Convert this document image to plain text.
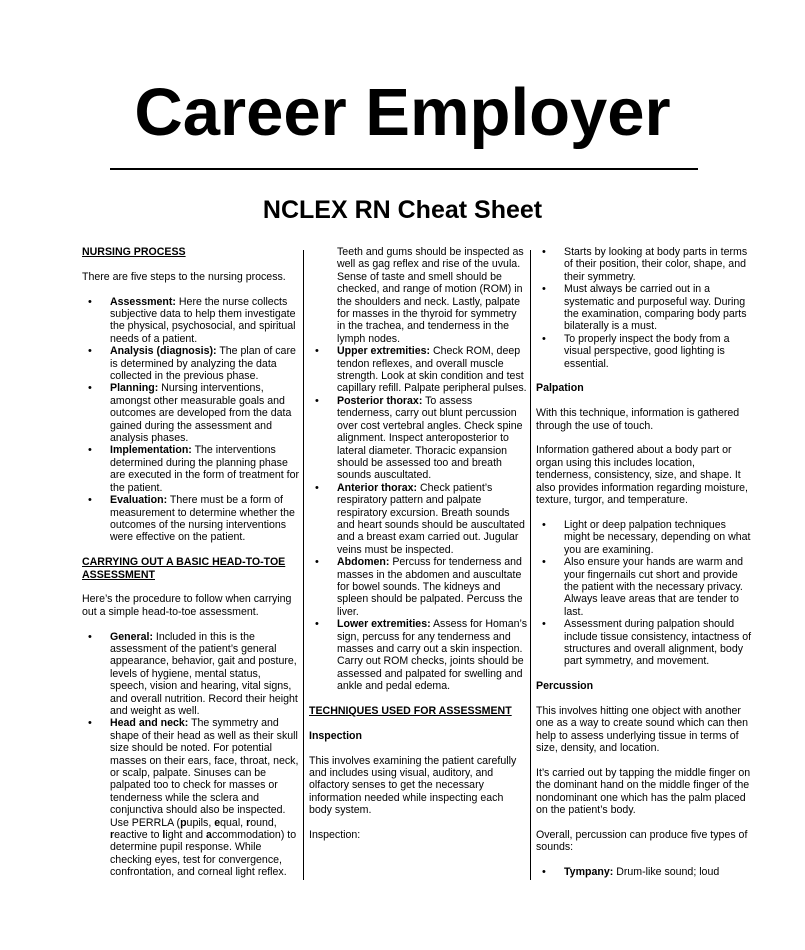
Career Employer
NCLEX RN Cheat Sheet

NURSING PROCESS

There are five steps to the nursing process.

• Assessment: Here the nurse collects subjective data to help them investigate the physical, psychosocial, and spiritual needs of a patient.
• Analysis (diagnosis): The plan of care is determined by analyzing the data collected in the previous phase.
• Planning: Nursing interventions, amongst other measurable goals and outcomes are developed from the data gained during the assessment and analysis phases.
• Implementation: The interventions determined during the planning phase are executed in the form of treatment for the patient.
• Evaluation: There must be a form of measurement to determine whether the outcomes of the nursing interventions were effective on the patient.

CARRYING OUT A BASIC HEAD-TO-TOE ASSESSMENT

Here’s the procedure to follow when carrying out a simple head-to-toe assessment.

• General: Included in this is the assessment of the patient’s general appearance, behavior, gait and posture, levels of hygiene, mental status, speech, vision and hearing, vital signs, and overall nutrition. Record their height and weight as well.
• Head and neck: The symmetry and shape of their head as well as their skull size should be noted. For potential masses on their ears, face, throat, neck, or scalp, palpate. Sinuses can be palpated too to check for masses or tenderness while the sclera and conjunctiva should also be inspected. Use PERRLA (pupils, equal, round, reactive to light and accommodation) to determine pupil response. While checking eyes, test for convergence, confrontation, and corneal light reflex.
Teeth and gums should be inspected as well as gag reflex and rise of the uvula. Sense of taste and smell should be checked, and range of motion (ROM) in the shoulders and neck. Lastly, palpate for masses in the thyroid for symmetry in the trachea, and tenderness in the lymph nodes.
• Upper extremities: Check ROM, deep tendon reflexes, and overall muscle strength. Look at skin condition and test capillary refill. Palpate peripheral pulses.
• Posterior thorax: To assess tenderness, carry out blunt percussion over cost vertebral angles. Check spine alignment. Inspect anteroposterior to lateral diameter. Thoracic expansion should be assessed too and breath sounds auscultated.
• Anterior thorax: Check patient’s respiratory pattern and palpate respiratory excursion. Breath sounds and heart sounds should be auscultated and a breast exam carried out. Jugular veins must be inspected.
• Abdomen: Percuss for tenderness and masses in the abdomen and auscultate for bowel sounds. The kidneys and spleen should be palpated. Percuss the liver.
• Lower extremities: Assess for Homan’s sign, percuss for any tenderness and masses and carry out a skin inspection. Carry out ROM checks, joints should be assessed and palpated for swelling and ankle and pedal edema.

TECHNIQUES USED FOR ASSESSMENT

Inspection

This involves examining the patient carefully and includes using visual, auditory, and olfactory senses to get the necessary information needed while inspecting each body system.

Inspection:

• Starts by looking at body parts in terms of their position, their color, shape, and their symmetry.
• Must always be carried out in a systematic and purposeful way. During the examination, comparing body parts bilaterally is a must.
• To properly inspect the body from a visual perspective, good lighting is essential.

Palpation

With this technique, information is gathered through the use of touch.

Information gathered about a body part or organ using this includes location, tenderness, consistency, size, and shape. It also provides information regarding moisture, texture, turgor, and temperature.

• Light or deep palpation techniques might be necessary, depending on what you are examining.
• Also ensure your hands are warm and your fingernails cut short and provide the patient with the necessary privacy. Always leave areas that are tender to last.
• Assessment during palpation should include tissue consistency, intactness of structures and overall alignment, body part symmetry, and movement.

Percussion

This involves hitting one object with another one as a way to create sound which can then help to assess underlying tissue in terms of size, density, and location.

It’s carried out by tapping the middle finger on the dominant hand on the middle finger of the nondominant one which has the palm placed on the patient’s body.

Overall, percussion can produce five types of sounds:

• Tympany: Drum-like sound; loud
